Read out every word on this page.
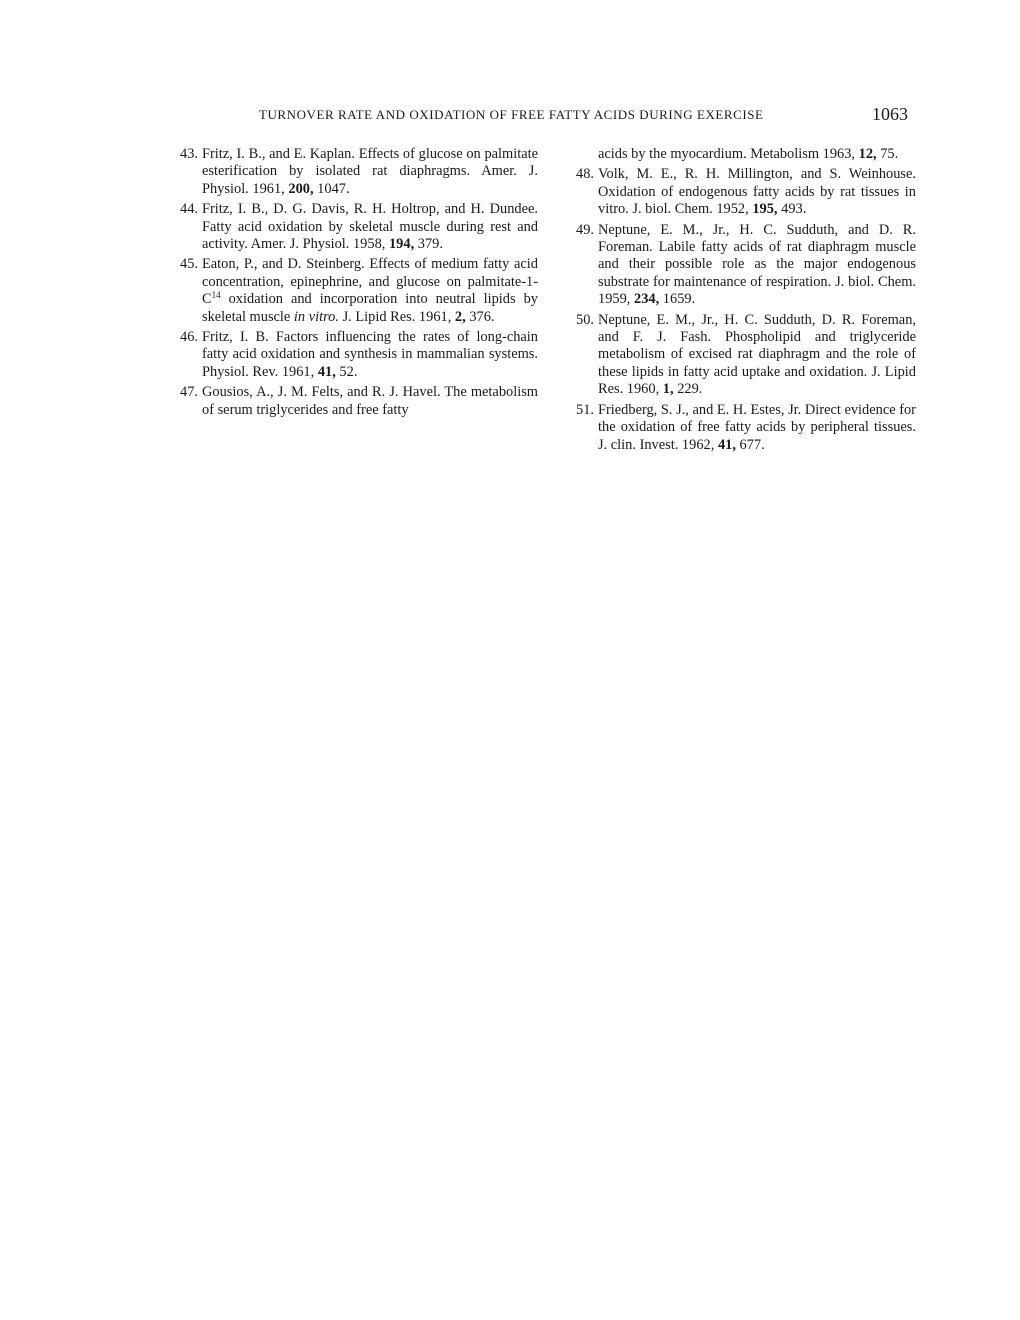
TURNOVER RATE AND OXIDATION OF FREE FATTY ACIDS DURING EXERCISE	1063
43. Fritz, I. B., and E. Kaplan. Effects of glucose on palmitate esterification by isolated rat diaphragms. Amer. J. Physiol. 1961, 200, 1047.
44. Fritz, I. B., D. G. Davis, R. H. Holtrop, and H. Dundee. Fatty acid oxidation by skeletal muscle during rest and activity. Amer. J. Physiol. 1958, 194, 379.
45. Eaton, P., and D. Steinberg. Effects of medium fatty acid concentration, epinephrine, and glucose on palmitate-$1-C^{14}$ oxidation and incorporation into neutral lipids by skeletal muscle in vitro. J. Lipid Res. 1961, 2, 376.
46. Fritz, I. B. Factors influencing the rates of long-chain fatty acid oxidation and synthesis in mammalian systems. Physiol. Rev. 1961, 41, 52.
47. Gousios, A., J. M. Felts, and R. J. Havel. The metabolism of serum triglycerides and free fatty
acids by the myocardium. Metabolism 1963, 12, 75.
48. Volk, M. E., R. H. Millington, and S. Weinhouse. Oxidation of endogenous fatty acids by rat tissues in vitro. J. biol. Chem. 1952, 195, 493.
49. Neptune, E. M., Jr., H. C. Sudduth, and D. R. Foreman. Labile fatty acids of rat diaphragm muscle and their possible role as the major endogenous substrate for maintenance of respiration. J. biol. Chem. 1959, 234, 1659.
50. Neptune, E. M., Jr., H. C. Sudduth, D. R. Foreman, and F. J. Fash. Phospholipid and triglyceride metabolism of excised rat diaphragm and the role of these lipids in fatty acid uptake and oxidation. J. Lipid Res. 1960, 1, 229.
51. Friedberg, S. J., and E. H. Estes, Jr. Direct evidence for the oxidation of free fatty acids by peripheral tissues. J. clin. Invest. 1962, 41, 677.
